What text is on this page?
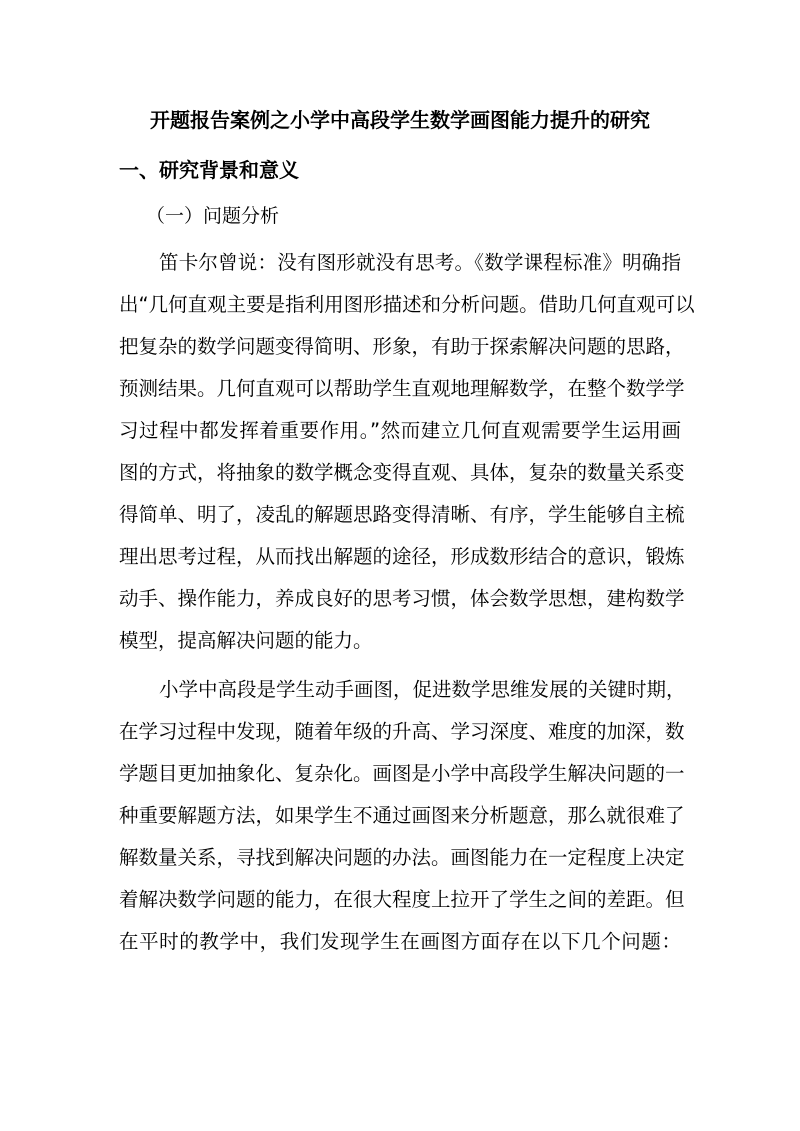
开题报告案例之小学中高段学生数学画图能力提升的研究
一、研究背景和意义
（一）问题分析
笛卡尔曾说：没有图形就没有思考。《数学课程标准》明确指
出“几何直观主要是指利用图形描述和分析问题。借助几何直观可以
把复杂的数学问题变得简明、形象，有助于探索解决问题的思路，
预测结果。几何直观可以帮助学生直观地理解数学，在整个数学学
习过程中都发挥着重要作用。”然而建立几何直观需要学生运用画
图的方式，将抽象的数学概念变得直观、具体，复杂的数量关系变
得简单、明了，凌乱的解题思路变得清晰、有序，学生能够自主梳
理出思考过程，从而找出解题的途径，形成数形结合的意识，锻炼
动手、操作能力，养成良好的思考习惯，体会数学思想，建构数学
模型，提高解决问题的能力。
小学中高段是学生动手画图，促进数学思维发展的关键时期，
在学习过程中发现，随着年级的升高、学习深度、难度的加深，数
学题目更加抽象化、复杂化。画图是小学中高段学生解决问题的一
种重要解题方法，如果学生不通过画图来分析题意，那么就很难了
解数量关系，寻找到解决问题的办法。画图能力在一定程度上决定
着解决数学问题的能力，在很大程度上拉开了学生之间的差距。但
在平时的教学中，我们发现学生在画图方面存在以下几个问题：
